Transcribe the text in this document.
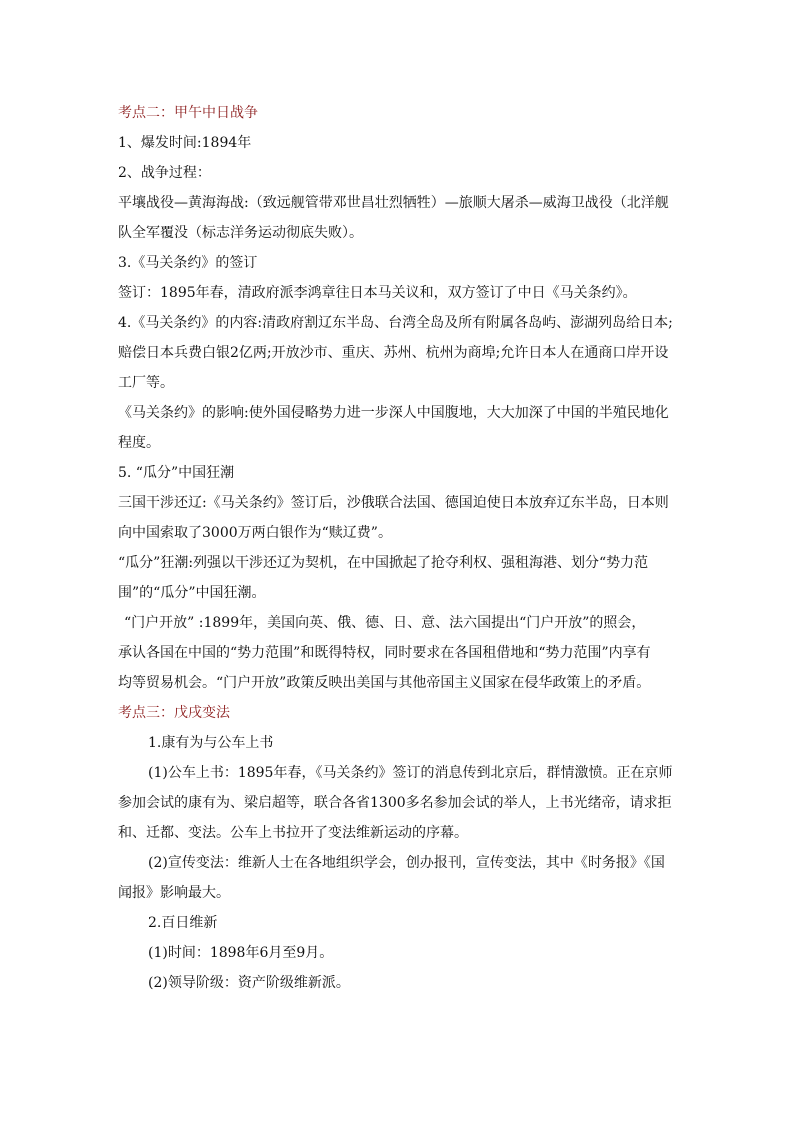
考点二：甲午中日战争
1、爆发时间:1894年
2、战争过程：
平壤战役—黄海海战:（致远舰管带邓世昌壮烈牺牲）—旅顺大屠杀—威海卫战役（北洋舰
队全军覆没（标志洋务运动彻底失败）。
3.《马关条约》的签订
签订：1895年春，清政府派李鸿章往日本马关议和，双方签订了中日《马关条约》。
4.《马关条约》的内容:清政府割辽东半岛、台湾全岛及所有附属各岛屿、澎湖列岛给日本;
赔偿日本兵费白银2亿两;开放沙市、重庆、苏州、杭州为商埠;允许日本人在通商口岸开设
工厂等。
《马关条约》的影响:使外国侵略势力进一步深人中国腹地，大大加深了中国的半殖民地化
程度。
5. “瓜分”中国狂潮
三国干涉还辽:《马关条约》签订后，沙俄联合法国、德国迫使日本放弃辽东半岛，日本则
向中国索取了3000万两白银作为“赎辽费”。
“瓜分”狂潮:列强以干涉还辽为契机，在中国掀起了抢夺利权、强租海港、划分“势力范
围”的“瓜分”中国狂潮。
“门户开放” :1899年，美国向英、俄、德、日、意、法六国提出“门户开放”的照会，
承认各国在中国的“势力范围”和既得特权，同时要求在各国租借地和“势力范围”内享有
均等贸易机会。“门户开放”政策反映出美国与其他帝国主义国家在侵华政策上的矛盾。
考点三：戊戌变法
1.康有为与公车上书
(1)公车上书：1895年春，《马关条约》签订的消息传到北京后，群情激愤。正在京师
参加会试的康有为、梁启超等，联合各省1300多名参加会试的举人，上书光绪帝，请求拒
和、迁都、变法。公车上书拉开了变法维新运动的序幕。
(2)宣传变法：维新人士在各地组织学会，创办报刊，宣传变法，其中《时务报》《国
闻报》影响最大。
2.百日维新
(1)时间：1898年6月至9月。
(2)领导阶级：资产阶级维新派。
